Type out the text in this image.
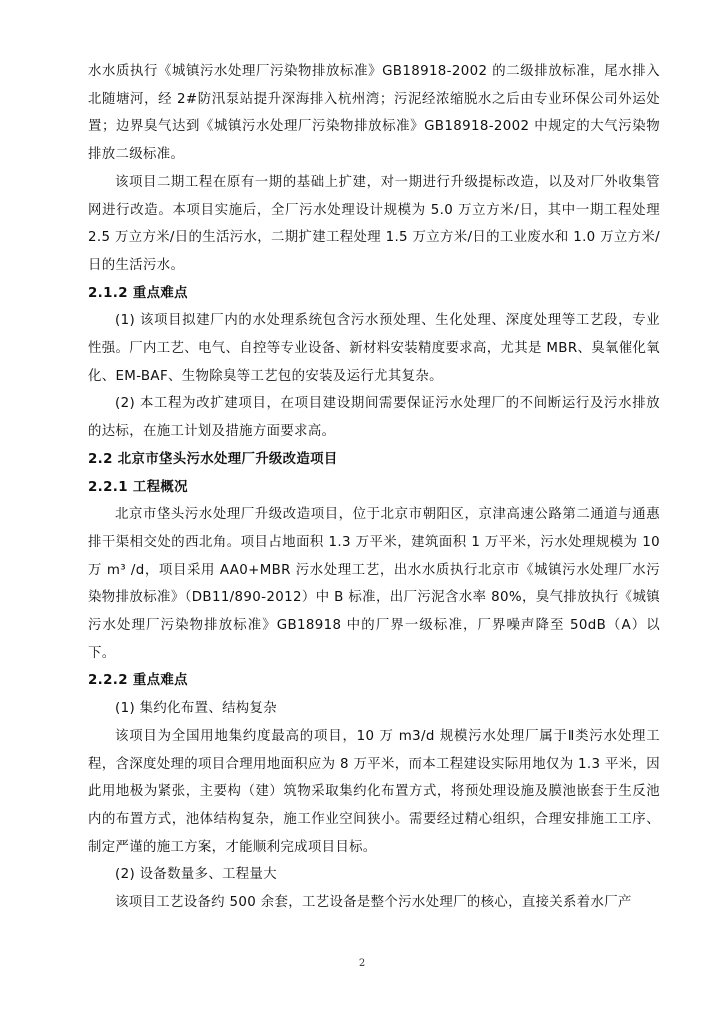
水水质执行《城镇污水处理厂污染物排放标准》GB18918-2002 的二级排放标准，尾水排入北随塘河，经 2#防汛泵站提升深海排入杭州湾；污泥经浓缩脱水之后由专业环保公司外运处置；边界臭气达到《城镇污水处理厂污染物排放标准》GB18918-2002 中规定的大气污染物排放二级标准。

该项目二期工程在原有一期的基础上扩建，对一期进行升级提标改造，以及对厂外收集管网进行改造。本项目实施后，全厂污水处理设计规模为 5.0 万立方米/日，其中一期工程处理 2.5 万立方米/日的生活污水，二期扩建工程处理 1.5 万立方米/日的工业废水和 1.0 万立方米/日的生活污水。

2.1.2 重点难点

(1) 该项目拟建厂内的水处理系统包含污水预处理、生化处理、深度处理等工艺段，专业性强。厂内工艺、电气、自控等专业设备、新材料安装精度要求高，尤其是 MBR、臭氧催化氧化、EM-BAF、生物除臭等工艺包的安装及运行尤其复杂。

(2) 本工程为改扩建项目，在项目建设期间需要保证污水处理厂的不间断运行及污水排放的达标，在施工计划及措施方面要求高。

2.2 北京市垡头污水处理厂升级改造项目

2.2.1 工程概况

北京市垡头污水处理厂升级改造项目，位于北京市朝阳区，京津高速公路第二通道与通惠排干渠相交处的西北角。项目占地面积 1.3 万平米，建筑面积 1 万平米，污水处理规模为 10 万 m³ /d，项目采用 AA0+MBR 污水处理工艺，出水水质执行北京市《城镇污水处理厂水污染物排放标准》（DB11/890-2012）中 B 标准，出厂污泥含水率 80%，臭气排放执行《城镇污水处理厂污染物排放标准》GB18918 中的厂界一级标准，厂界噪声降至 50dB（A）以下。

2.2.2 重点难点

(1) 集约化布置、结构复杂

该项目为全国用地集约度最高的项目，10 万 m3/d 规模污水处理厂属于Ⅱ类污水处理工程，含深度处理的项目合理用地面积应为 8 万平米，而本工程建设实际用地仅为 1.3 平米，因此用地极为紧张，主要构（建）筑物采取集约化布置方式，将预处理设施及膜池嵌套于生反池内的布置方式，池体结构复杂，施工作业空间狭小。需要经过精心组织，合理安排施工工序、制定严谨的施工方案，才能顺利完成项目目标。

(2) 设备数量多、工程量大

该项目工艺设备约 500 余套，工艺设备是整个污水处理厂的核心，直接关系着水厂产

2
